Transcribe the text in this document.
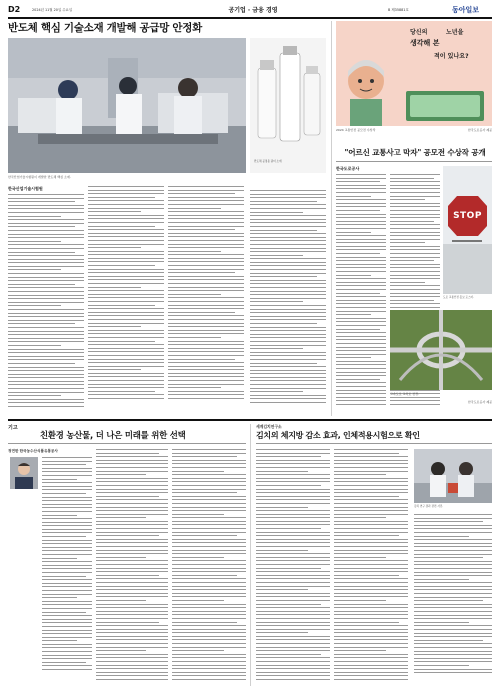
D2	2024년 11월 20일 수요일	공기업 · 금융 경영	B 제35881호	동아일보
반도체 핵심 기술소재 개발해 공급망 안정화
한국산업기술시험원이 개발한 반도체 핵심 소재.
반도체 공정용 필터 소재
한국산업기술시험원
당신의	노년을
생각해 본
적이 있나요?
2024 교통안전 공모전 수상작	한국도로공사 제공
"어르신 교통사고 막자" 공모전 수상작 공개
한국도로공사
STOP
도로 교통안전 홍보 포스터.
고속도로 교차로 전경.
한국도로공사 제공
기고
친환경 농산물, 더 나은 미래를 위한 선택
정연한 한국농수산식품유통공사
세계김치연구소
김치의 체지방 감소 효과, 인체적용시험으로 확인
김치 연구 결과 관련 사진.
